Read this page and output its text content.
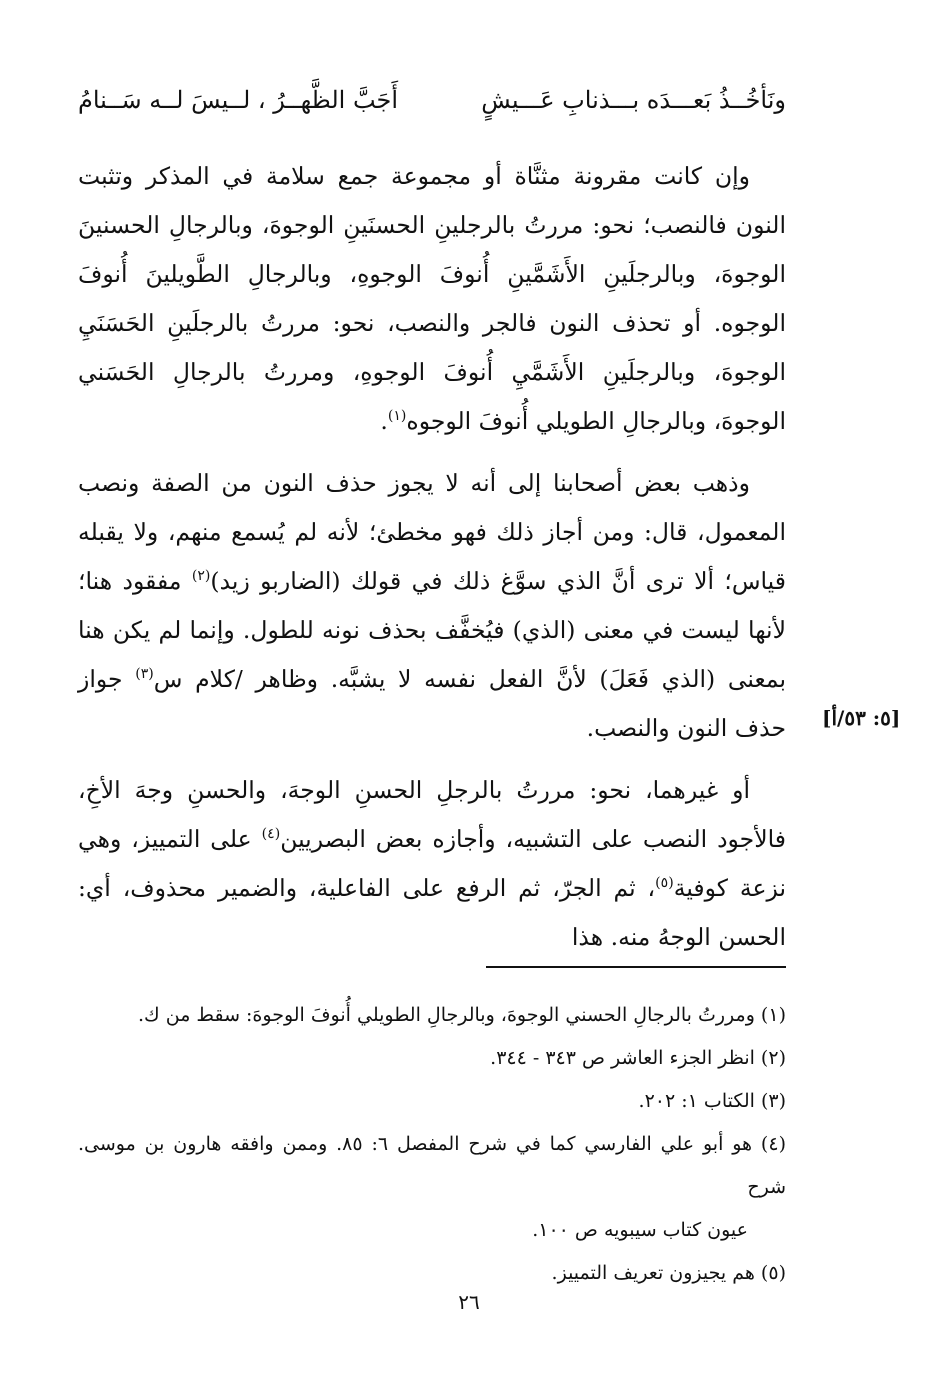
ونَأخُــذُ بَعـــدَه بـــذنابِ عَـــيشٍ
أَجَبَّ الظَّهــرُ ، لــيسَ لــه سَــنامُ

وإن كانت مقرونة مثنَّاة أو مجموعة جمع سلامة في المذكر وتثبت النون فالنصب؛ نحو: مررتُ بالرجلينِ الحسنَينِ الوجوهَ، وبالرجالِ الحسنينَ الوجوهَ، وبالرجلَينِ الأَشَمَّينِ أُنوفَ الوجوهِ، وبالرجالِ الطَّويلينَ أُنوفَ الوجوه. أو تحذف النون فالجر والنصب، نحو: مررتُ بالرجلَينِ الحَسَنَيِ الوجوهَ، وبالرجلَينِ الأَشَمَّيِ أُنوفَ الوجوهِ، ومررتُ بالرجالِ الحَسَني الوجوهَ، وبالرجالِ الطويلي أُنوفَ الوجوه$^{(١)}$.

وذهب بعض أصحابنا إلى أنه لا يجوز حذف النون من الصفة ونصب المعمول، قال: ومن أجاز ذلك فهو مخطئ؛ لأنه لم يُسمع منهم، ولا يقبله قياس؛ ألا ترى أنَّ الذي سوَّغ ذلك في قولك (الضاربو زيد)$^{(٢)}$ مفقود هنا؛ لأنها ليست في معنى (الذي) فيُخفَّف بحذف نونه للطول. وإنما لم يكن هنا بمعنى (الذي فَعَلَ) لأنَّ الفعل نفسه لا يشبَّه. وظاهر /كلام س$^{(٣)}$ جواز حذف النون والنصب.

أو غيرهما، نحو: مررتُ بالرجلِ الحسنِ الوجهَ، والحسنِ وجهَ الأخِ، فالأجود النصب على التشبيه، وأجازه بعض البصريين$^{(٤)}$ على التمييز، وهي نزعة كوفية$^{(٥)}$، ثم الجرّ، ثم الرفع على الفاعلية، والضمير محذوف، أي: الحسن الوجهُ منه. هذا

[٥: ٥٣/أ]

(١) ومررتُ بالرجالِ الحسني الوجوهَ، وبالرجالِ الطويلي أُنوفَ الوجوهَ: سقط من ك.

(٢) انظر الجزء العاشر ص ٣٤٣ - ٣٤٤.

(٣) الكتاب ١: ٢٠٢.

(٤) هو أبو علي الفارسي كما في شرح المفصل ٦: ٨٥. وممن وافقه هارون بن موسى. شرح

عيون كتاب سيبويه ص ١٠٠.

(٥) هم يجيزون تعريف التمييز.

٢٦
